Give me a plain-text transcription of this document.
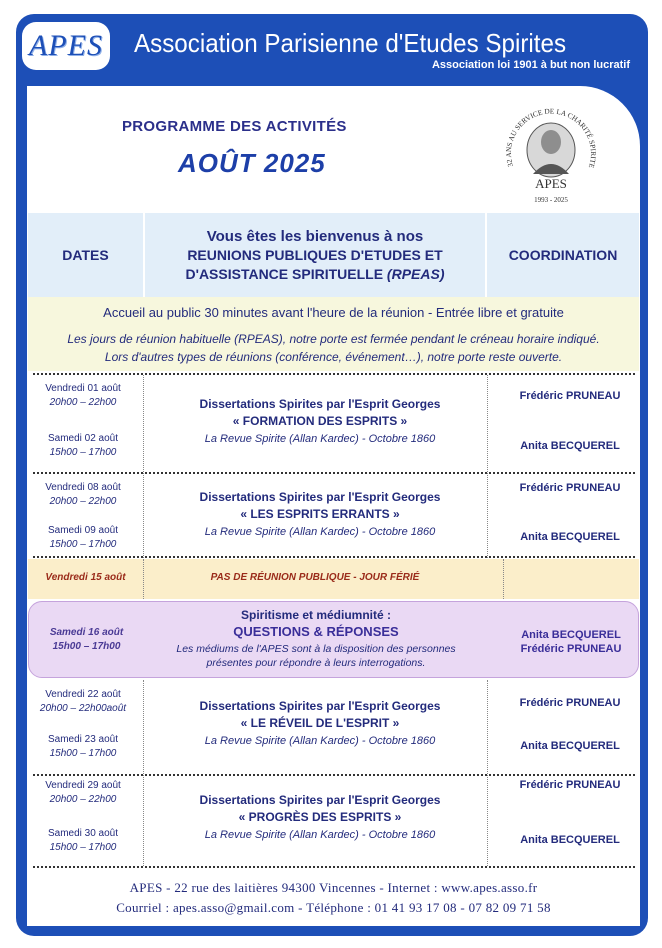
APES Association Parisienne d'Etudes Spirites
Association loi 1901 à but non lucratif
PROGRAMME DES ACTIVITÉS
AOÛT 2025	32 ANS AU SERVICE DE LA CHARITÉ SPIRITE
APES
1993 - 2025
DATES
Vous êtes les bienvenus à nos
REUNIONS PUBLIQUES D'ETUDES ET
D'ASSISTANCE SPIRITUELLE (RPEAS)
COORDINATION
Accueil au public 30 minutes avant l'heure de la réunion - Entrée libre et gratuite
Les jours de réunion habituelle (RPEAS), notre porte est fermée pendant le créneau horaire indiqué.
Lors d'autres types de réunions (conférence, événement…), notre porte reste ouverte.
Vendredi 01 août
20h00 – 22h00
Samedi 02 août
15h00 – 17h00
Dissertations Spirites par l'Esprit Georges
« FORMATION DES ESPRITS »
La Revue Spirite (Allan Kardec) - Octobre 1860
Frédéric PRUNEAU
Anita BECQUEREL
Vendredi 08 août
20h00 – 22h00
Samedi 09 août
15h00 – 17h00
Dissertations Spirites par l'Esprit Georges
« LES ESPRITS ERRANTS »
La Revue Spirite (Allan Kardec) - Octobre 1860
Frédéric PRUNEAU
Anita BECQUEREL
Vendredi 15 août	PAS DE RÉUNION PUBLIQUE - JOUR FÉRIÉ
Samedi 16 août
15h00 – 17h00
Spiritisme et médiumnité :
QUESTIONS & RÉPONSES
Les médiums de l'APES sont à la disposition des personnes
présentes pour répondre à leurs interrogations.
Anita BECQUEREL
Frédéric PRUNEAU
Vendredi 22 août
20h00 – 22h00août
Samedi 23 août
15h00 – 17h00
Dissertations Spirites par l'Esprit Georges
« LE RÉVEIL DE L'ESPRIT »
La Revue Spirite (Allan Kardec) - Octobre 1860
Frédéric PRUNEAU
Anita BECQUEREL
Vendredi 29 août
20h00 – 22h00
Samedi 30 août
15h00 – 17h00
Dissertations Spirites par l'Esprit Georges
« PROGRÈS DES ESPRITS »
La Revue Spirite (Allan Kardec) - Octobre 1860
Frédéric PRUNEAU
Anita BECQUEREL
APES - 22 rue des laitières 94300 Vincennes - Internet : www.apes.asso.fr
Courriel : apes.asso@gmail.com - Téléphone : 01 41 93 17 08 - 07 82 09 71 58
